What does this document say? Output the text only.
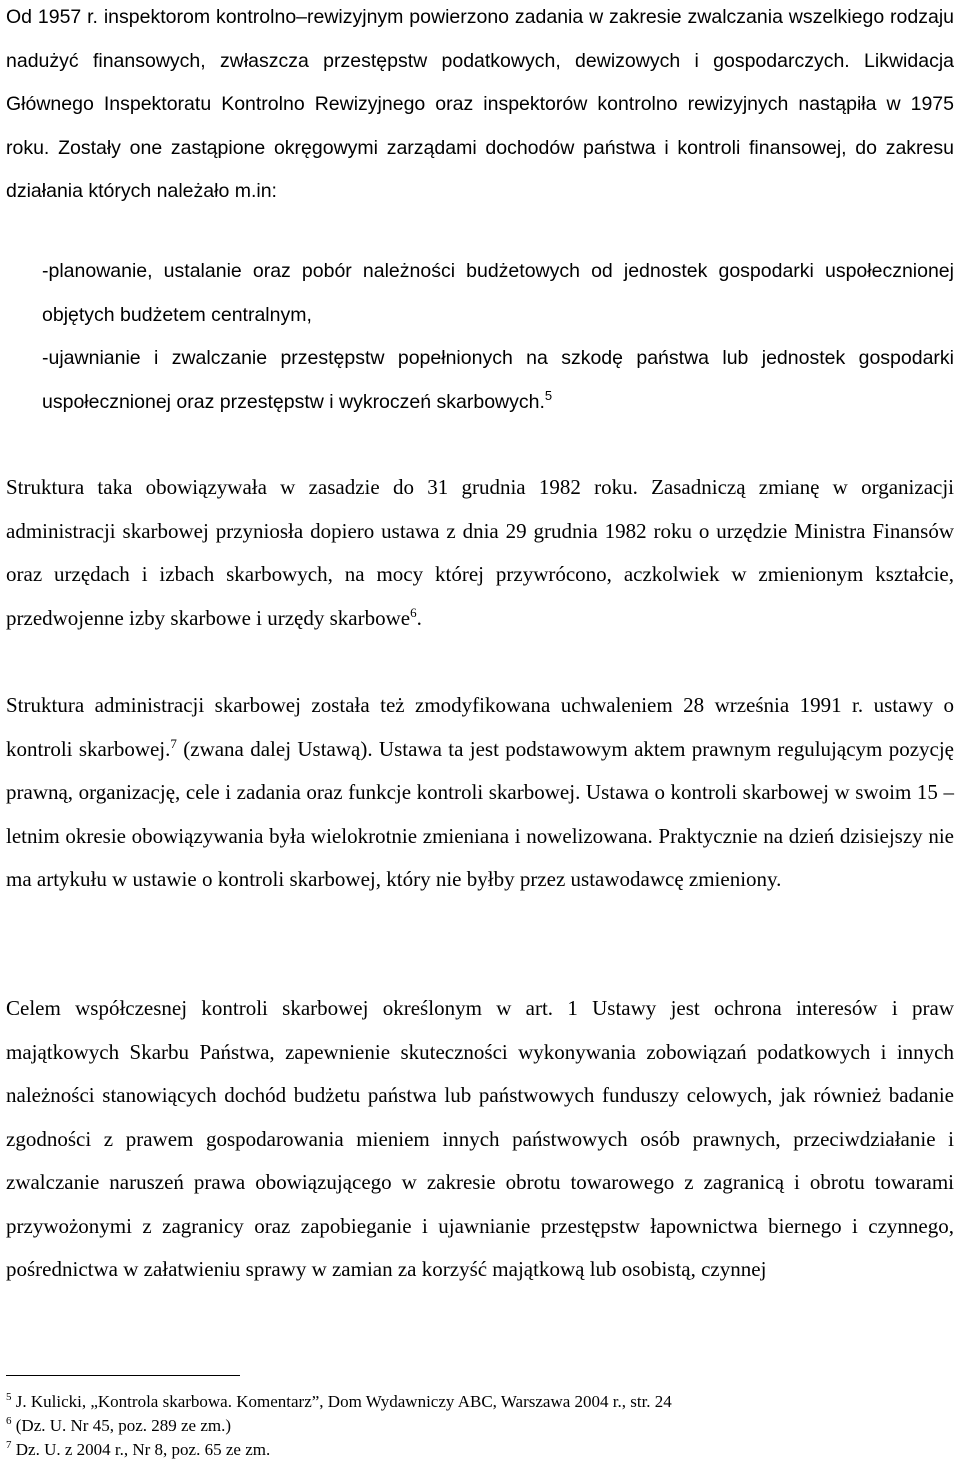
Od 1957 r. inspektorom kontrolno–rewizyjnym powierzono zadania w zakresie zwalczania wszelkiego rodzaju nadużyć finansowych, zwłaszcza przestępstw podatkowych, dewizowych i gospodarczych. Likwidacja Głównego Inspektoratu Kontrolno Rewizyjnego oraz inspektorów kontrolno rewizyjnych nastąpiła w 1975 roku. Zostały one zastąpione okręgowymi zarządami dochodów państwa i kontroli finansowej, do zakresu działania których należało m.in:

-planowanie, ustalanie oraz pobór należności budżetowych od jednostek gospodarki uspołecznionej objętych budżetem centralnym,

-ujawnianie i zwalczanie przestępstw popełnionych na szkodę państwa lub jednostek gospodarki uspołecznionej oraz przestępstw i wykroczeń skarbowych.$^5$

Struktura taka obowiązywała w zasadzie do 31 grudnia 1982 roku. Zasadniczą zmianę w organizacji administracji skarbowej przyniosła dopiero ustawa z dnia 29 grudnia 1982 roku o urzędzie Ministra Finansów oraz urzędach i izbach skarbowych, na mocy której przywrócono, aczkolwiek w zmienionym kształcie, przedwojenne izby skarbowe i urzędy skarbowe$^6$.

Struktura administracji skarbowej została też zmodyfikowana uchwaleniem 28 września 1991 r. ustawy o kontroli skarbowej.$^7$ (zwana dalej Ustawą). Ustawa ta jest podstawowym aktem prawnym regulującym pozycję prawną, organizację, cele i zadania oraz funkcje kontroli skarbowej. Ustawa o kontroli skarbowej w swoim 15 –letnim okresie obowiązywania była wielokrotnie zmieniana i nowelizowana. Praktycznie na dzień dzisiejszy nie ma artykułu w ustawie o kontroli skarbowej, który nie byłby przez ustawodawcę zmieniony.

Celem współczesnej kontroli skarbowej określonym w art. 1 Ustawy jest ochrona interesów i praw majątkowych Skarbu Państwa, zapewnienie skuteczności wykonywania zobowiązań podatkowych i innych należności stanowiących dochód budżetu państwa lub państwowych funduszy celowych, jak również badanie zgodności z prawem gospodarowania mieniem innych państwowych osób prawnych, przeciwdziałanie i zwalczanie naruszeń prawa obowiązującego w zakresie obrotu towarowego z zagranicą i obrotu towarami przywożonymi z zagranicy oraz zapobieganie i ujawnianie przestępstw łapownictwa biernego i czynnego, pośrednictwa w załatwieniu sprawy w zamian za korzyść majątkową lub osobistą, czynnej

$^5$ J. Kulicki, „Kontrola skarbowa. Komentarz”, Dom Wydawniczy ABC, Warszawa 2004 r., str. 24

$^6$ (Dz. U. Nr 45, poz. 289 ze zm.)

$^7$ Dz. U. z 2004 r., Nr 8, poz. 65 ze zm.
